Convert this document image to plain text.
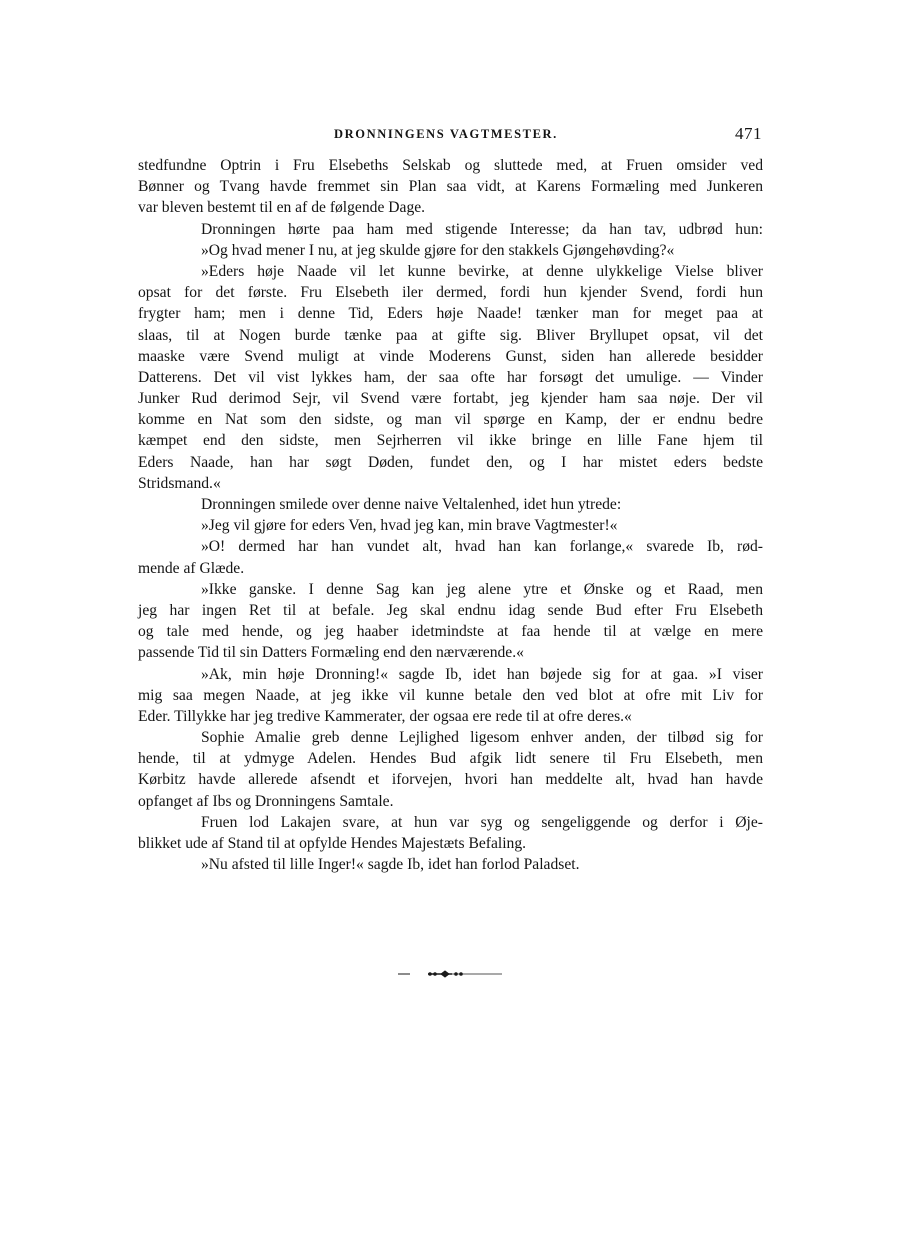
DRONNINGENS VAGTMESTER.	471
stedfundne Optrin i Fru Elsebeths Selskab og sluttede med, at Fruen omsider ved
Bønner og Tvang havde fremmet sin Plan saa vidt, at Karens Formæling med Junkeren
var bleven bestemt til en af de følgende Dage.
Dronningen hørte paa ham med stigende Interesse; da han tav, udbrød hun:
»Og hvad mener I nu, at jeg skulde gjøre for den stakkels Gjøngehøvding?«
»Eders høje Naade vil let kunne bevirke, at denne ulykkelige Vielse bliver
opsat for det første. Fru Elsebeth iler dermed, fordi hun kjender Svend, fordi hun
frygter ham; men i denne Tid, Eders høje Naade! tænker man for meget paa at
slaas, til at Nogen burde tænke paa at gifte sig. Bliver Bryllupet opsat, vil det
maaske være Svend muligt at vinde Moderens Gunst, siden han allerede besidder
Datterens. Det vil vist lykkes ham, der saa ofte har forsøgt det umulige. — Vinder
Junker Rud derimod Sejr, vil Svend være fortabt, jeg kjender ham saa nøje. Der vil
komme en Nat som den sidste, og man vil spørge en Kamp, der er endnu bedre
kæmpet end den sidste, men Sejrherren vil ikke bringe en lille Fane hjem til
Eders Naade, han har søgt Døden, fundet den, og I har mistet eders bedste
Stridsmand.«
Dronningen smilede over denne naive Veltalenhed, idet hun ytrede:
»Jeg vil gjøre for eders Ven, hvad jeg kan, min brave Vagtmester!«
»O! dermed har han vundet alt, hvad han kan forlange,« svarede Ib, rød-
mende af Glæde.
»Ikke ganske. I denne Sag kan jeg alene ytre et Ønske og et Raad, men
jeg har ingen Ret til at befale. Jeg skal endnu idag sende Bud efter Fru Elsebeth
og tale med hende, og jeg haaber idetmindste at faa hende til at vælge en mere
passende Tid til sin Datters Formæling end den nærværende.«
»Ak, min høje Dronning!« sagde Ib, idet han bøjede sig for at gaa. »I viser
mig saa megen Naade, at jeg ikke vil kunne betale den ved blot at ofre mit Liv for
Eder. Tillykke har jeg tredive Kammerater, der ogsaa ere rede til at ofre deres.«
Sophie Amalie greb denne Lejlighed ligesom enhver anden, der tilbød sig for
hende, til at ydmyge Adelen. Hendes Bud afgik lidt senere til Fru Elsebeth, men
Kørbitz havde allerede afsendt et iforvejen, hvori han meddelte alt, hvad han havde
opfanget af Ibs og Dronningens Samtale.
Fruen lod Lakajen svare, at hun var syg og sengeliggende og derfor i Øje-
blikket ude af Stand til at opfylde Hendes Majestæts Befaling.
»Nu afsted til lille Inger!« sagde Ib, idet han forlod Paladset.
